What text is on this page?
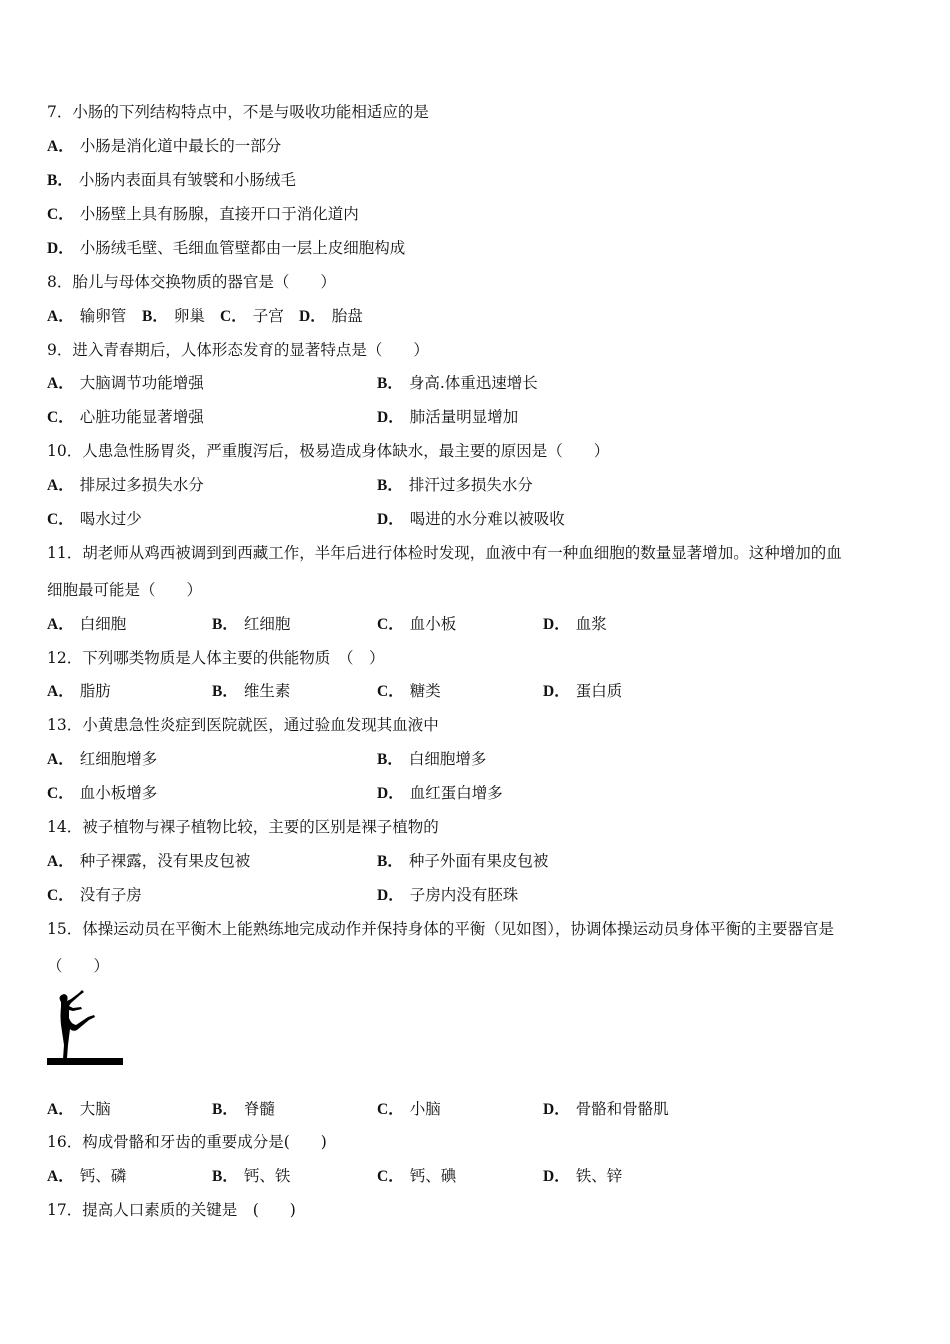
7．小肠的下列结构特点中，不是与吸收功能相适应的是
A． 小肠是消化道中最长的一部分
B． 小肠内表面具有皱襞和小肠绒毛
C． 小肠壁上具有肠腺，直接开口于消化道内
D． 小肠绒毛壁、毛细血管壁都由一层上皮细胞构成
8．胎儿与母体交换物质的器官是（　　）
A． 输卵管 B． 卵巢 C． 子宫 D． 胎盘
9．进入青春期后，人体形态发育的显著特点是（　　）
A． 大脑调节功能增强	B． 身高.体重迅速增长
C． 心脏功能显著增强	D． 肺活量明显增加
10．人患急性肠胃炎，严重腹泻后，极易造成身体缺水，最主要的原因是（　　）
A． 排尿过多损失水分	B． 排汗过多损失水分
C． 喝水过少	D． 喝进的水分难以被吸收
11．胡老师从鸡西被调到到西藏工作，半年后进行体检时发现，血液中有一种血细胞的数量显著增加。这种增加的血
细胞最可能是（　　）
A． 白细胞	B． 红细胞	C． 血小板	D． 血浆
12．下列哪类物质是人体主要的供能物质　（　）
A． 脂肪	B． 维生素	C． 糖类	D． 蛋白质
13．小黄患急性炎症到医院就医，通过验血发现其血液中
A． 红细胞增多	B． 白细胞增多
C． 血小板增多	D． 血红蛋白增多
14．被子植物与裸子植物比较，主要的区别是裸子植物的
A． 种子裸露，没有果皮包被	B． 种子外面有果皮包被
C． 没有子房	D． 子房内没有胚珠
15．体操运动员在平衡木上能熟练地完成动作并保持身体的平衡（见如图），协调体操运动员身体平衡的主要器官是
（　　）
A． 大脑	B． 脊髓	C． 小脑	D． 骨骼和骨骼肌
16．构成骨骼和牙齿的重要成分是(　　)
A． 钙、磷	B． 钙、铁	C． 钙、碘	D． 铁、锌
17．提高人口素质的关键是　(　　)
